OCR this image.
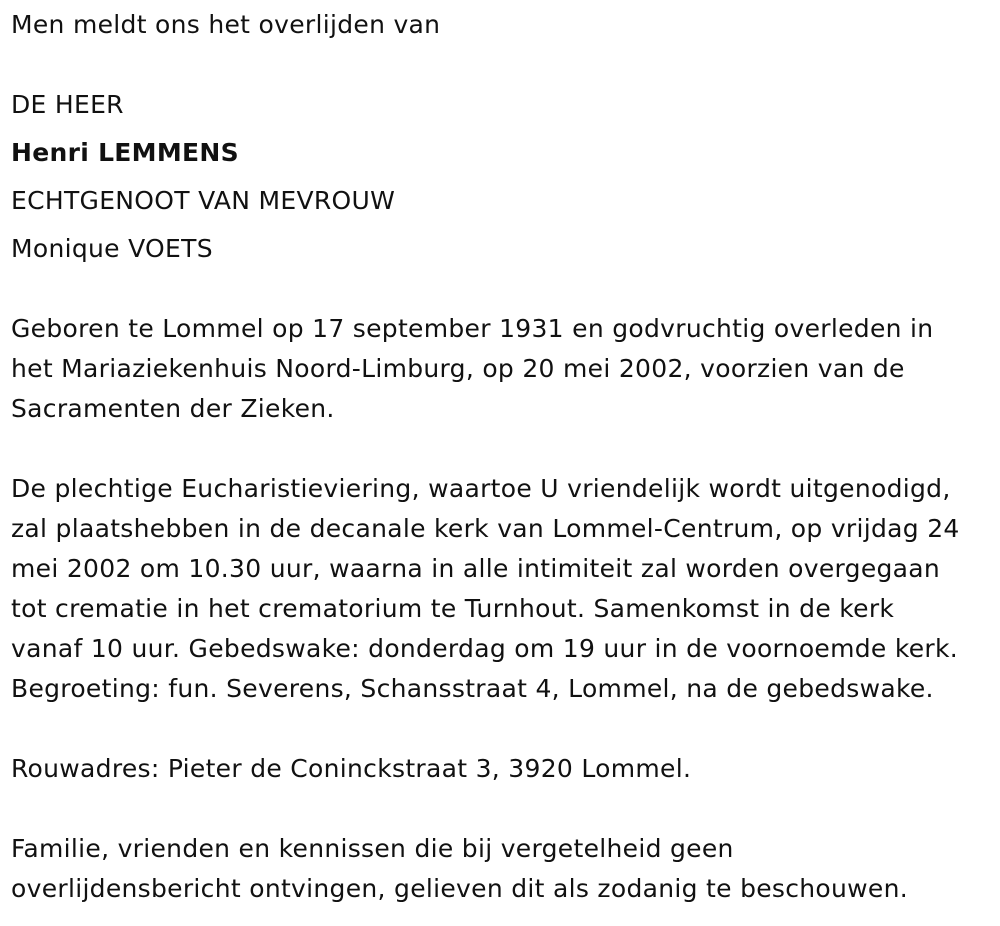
Men meldt ons het overlijden van
DE HEER
Henri LEMMENS
ECHTGENOOT VAN MEVROUW
Monique VOETS
Geboren te Lommel op 17 september 1931 en godvruchtig overleden in
het Mariaziekenhuis Noord-Limburg, op 20 mei 2002, voorzien van de
Sacramenten der Zieken.
De plechtige Eucharistieviering, waartoe U vriendelijk wordt uitgenodigd,
zal plaatshebben in de decanale kerk van Lommel-Centrum, op vrijdag 24
mei 2002 om 10.30 uur, waarna in alle intimiteit zal worden overgegaan
tot crematie in het crematorium te Turnhout. Samenkomst in de kerk
vanaf 10 uur. Gebedswake: donderdag om 19 uur in de voornoemde kerk.
Begroeting: fun. Severens, Schansstraat 4, Lommel, na de gebedswake.
Rouwadres: Pieter de Coninckstraat 3, 3920 Lommel.
Familie, vrienden en kennissen die bij vergetelheid geen
overlijdensbericht ontvingen, gelieven dit als zodanig te beschouwen.
